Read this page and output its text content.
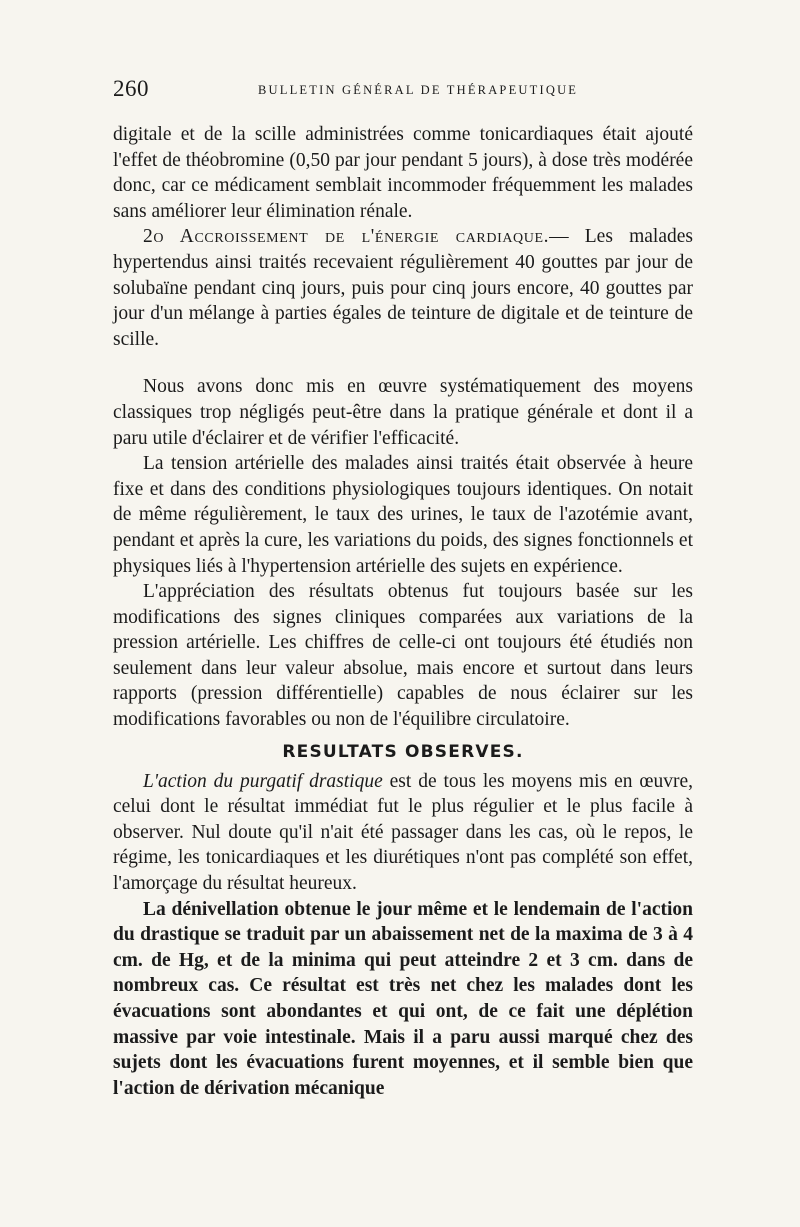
260	BULLETIN GÉNÉRAL DE THÉRAPEUTIQUE

digitale et de la scille administrées comme tonicardiaques était ajouté l'effet de théobromine (0,50 par jour pendant 5 jours), à dose très modérée donc, car ce médicament semblait incommoder fréquemment les malades sans améliorer leur élimination rénale.

2o Accroissement de l'énergie cardiaque.— Les malades hypertendus ainsi traités recevaient régulièrement 40 gouttes par jour de solubaïne pendant cinq jours, puis pour cinq jours encore, 40 gouttes par jour d'un mélange à parties égales de teinture de digitale et de teinture de scille.

Nous avons donc mis en œuvre systématiquement des moyens classiques trop négligés peut-être dans la pratique générale et dont il a paru utile d'éclairer et de vérifier l'efficacité.

La tension artérielle des malades ainsi traités était observée à heure fixe et dans des conditions physiologiques toujours identiques. On notait de même régulièrement, le taux des urines, le taux de l'azotémie avant, pendant et après la cure, les variations du poids, des signes fonctionnels et physiques liés à l'hypertension artérielle des sujets en expérience.

L'appréciation des résultats obtenus fut toujours basée sur les modifications des signes cliniques comparées aux variations de la pression artérielle. Les chiffres de celle-ci ont toujours été étudiés non seulement dans leur valeur absolue, mais encore et surtout dans leurs rapports (pression différentielle) capables de nous éclairer sur les modifications favorables ou non de l'équilibre circulatoire.

RESULTATS OBSERVES.

L'action du purgatif drastique est de tous les moyens mis en œuvre, celui dont le résultat immédiat fut le plus régulier et le plus facile à observer. Nul doute qu'il n'ait été passager dans les cas, où le repos, le régime, les tonicardiaques et les diurétiques n'ont pas complété son effet, l'amorçage du résultat heureux.

La dénivellation obtenue le jour même et le lendemain de l'action du drastique se traduit par un abaissement net de la maxima de 3 à 4 cm. de Hg, et de la minima qui peut atteindre 2 et 3 cm. dans de nombreux cas. Ce résultat est très net chez les malades dont les évacuations sont abondantes et qui ont, de ce fait une déplétion massive par voie intestinale. Mais il a paru aussi marqué chez des sujets dont les évacuations furent moyennes, et il semble bien que l'action de dérivation mécanique
